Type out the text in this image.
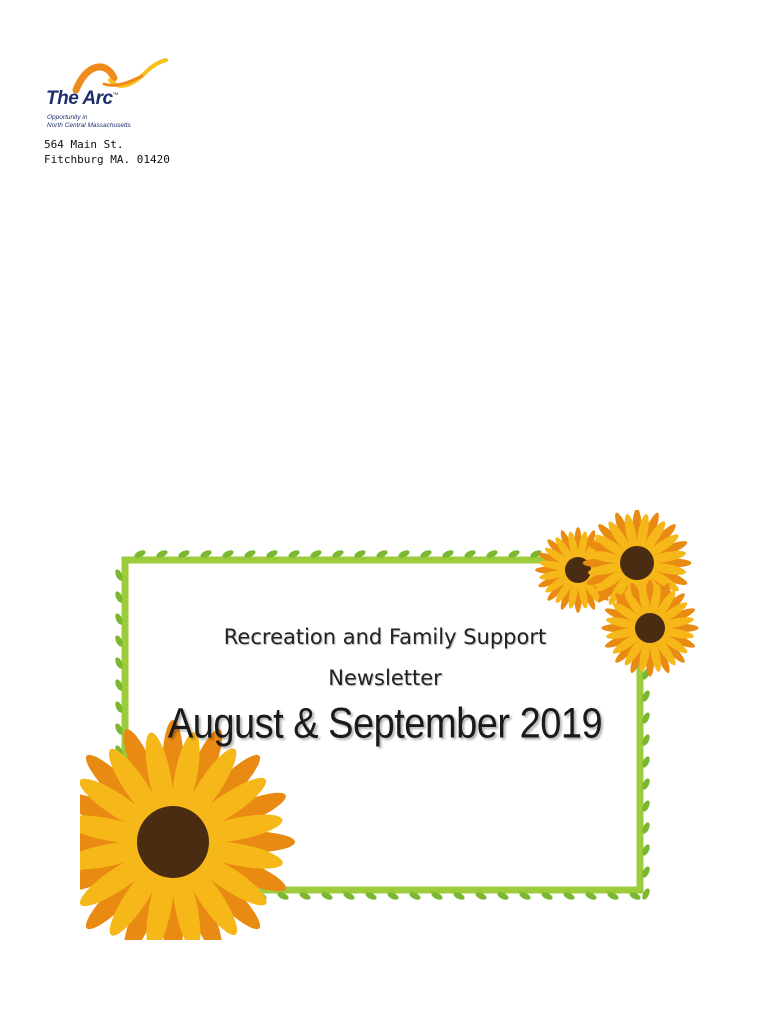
The Arc™
Opportunity in
North Central Massachusetts
564 Main St.
Fitchburg MA. 01420
Recreation and Family Support
Newsletter
August & September 2019
